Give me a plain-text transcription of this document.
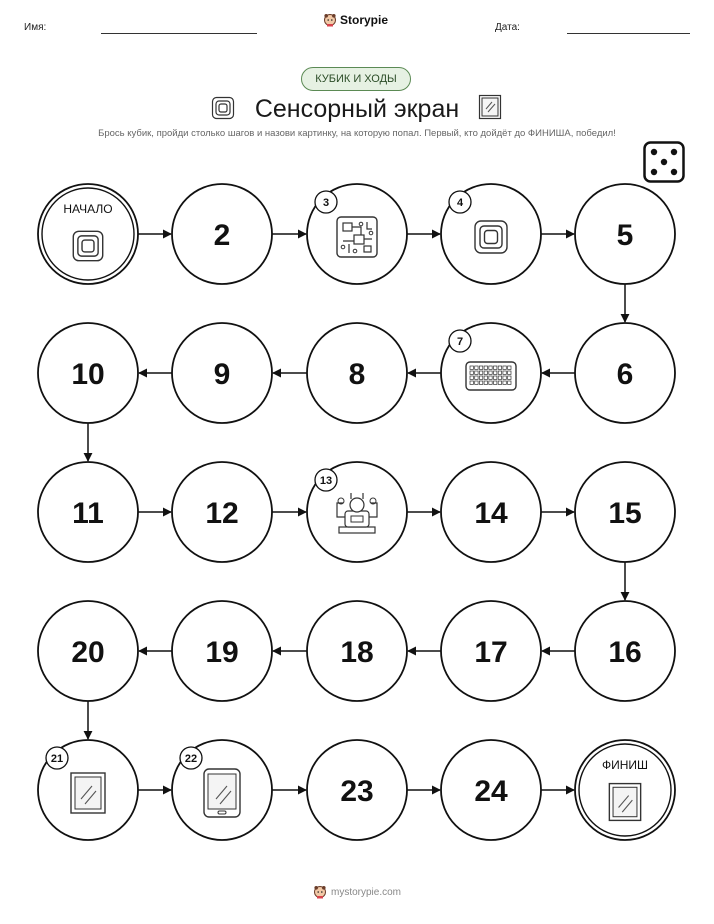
Имя:
Storypie
Дата:
КУБИК И ХОДЫ
Сенсорный экран
Брось кубик, пройди столько шагов и назови картинку, на которую попал. Первый, кто дойдёт до ФИНИША, победил!
НАЧАЛО
2
3	4
5
6
7
8
9
10
11	12
13
14	15
16
17
18
19
20
21	22
23	24
ФИНИШ
mystorypie.com
